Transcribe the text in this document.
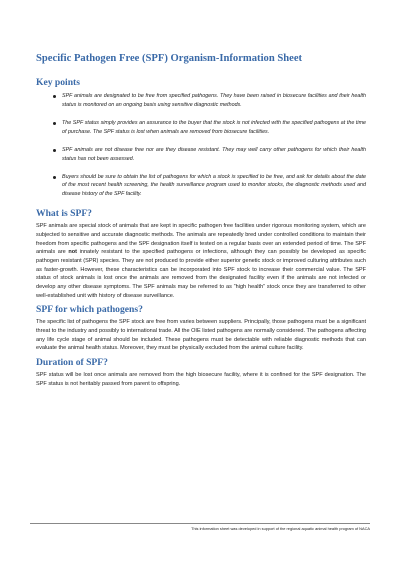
Specific Pathogen Free (SPF) Organism-Information Sheet
Key points
SPF animals are designated to be free from specified pathogens. They have been raised in biosecure facilities and their health status is monitored on an ongoing basis using sensitive diagnostic methods.
The SPF status simply provides an assurance to the buyer that the stock is not infected with the specified pathogens at the time of purchase. The SPF status is lost when animals are removed from biosecure facilities.
SPF animals are not disease free nor are they disease resistant. They may well carry other pathogens for which their health status has not been assessed.
Buyers should be sure to obtain the list of pathogens for which a stock is specified to be free, and ask for details about the date of the most recent health screening, the health surveillance program used to monitor stocks, the diagnostic methods used and disease history of the SPF facility.
What is SPF?

SPF animals are special stock of animals that are kept in specific pathogen free facilities under rigorous monitoring system, which are subjected to sensitive and accurate diagnostic methods. The animals are repeatedly bred under controlled conditions to maintain their freedom from specific pathogens and the SPF designation itself is tested on a regular basis over an extended period of time. The SPF animals are not innately resistant to the specified pathogens or infections, although they can possibly be developed as specific pathogen resistant (SPR) species. They are not produced to provide either superior genetic stock or improved culturing attributes such as faster-growth. However, these characteristics can be incorporated into SPF stock to increase their commercial value. The SPF status of stock animals is lost once the animals are removed from the designated facility even if the animals are not infected or develop any other disease symptoms. The SPF animals may be referred to as “high health” stock once they are transferred to other well-established unit with history of disease surveillance.

SPF for which pathogens?

The specific list of pathogens the SPF stock are free from varies between suppliers. Principally, those pathogens must be a significant threat to the industry and possibly to international trade. All the OIE listed pathogens are normally considered. The pathogens affecting any life cycle stage of animal should be included. These pathogens must be detectable with reliable diagnostic methods that can evaluate the animal health status. Moreover, they must be physically excluded from the animal culture facility.

Duration of SPF?

SPF status will be lost once animals are removed from the high biosecure facility, where it is confined for the SPF designation. The SPF status is not heritably passed from parent to offspring.

This information sheet was developed in support of the regional aquatic animal health program of NACA
